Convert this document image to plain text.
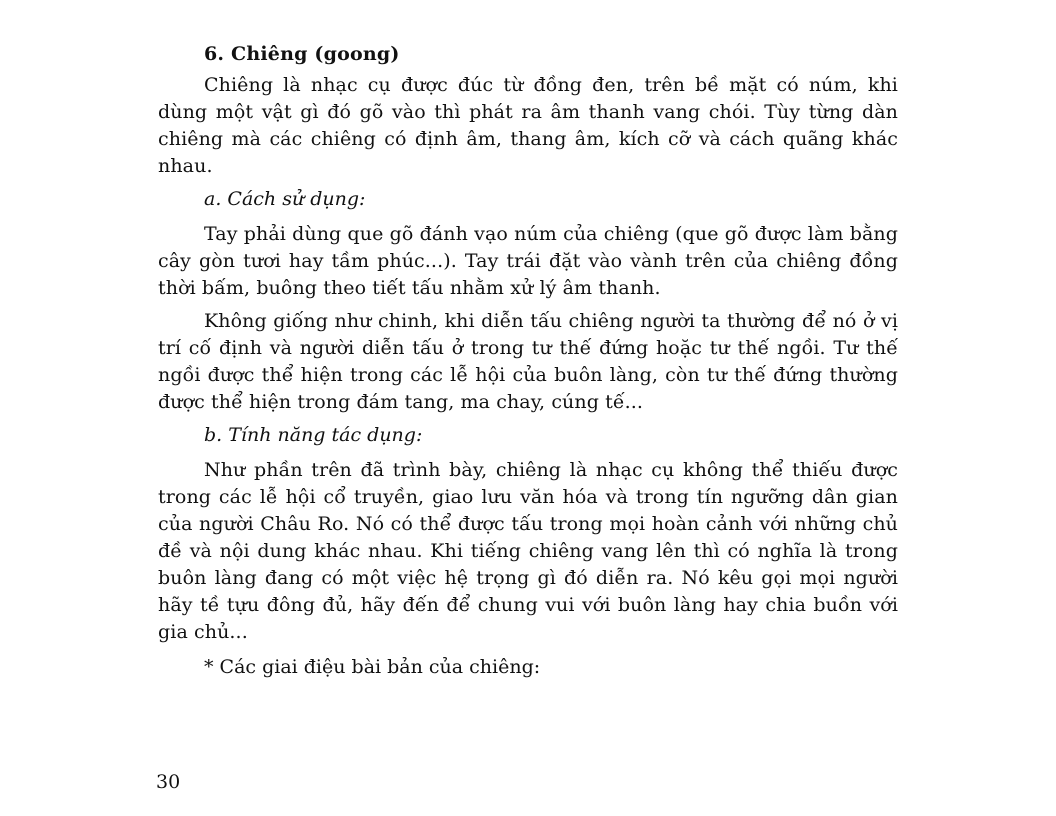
6. Chiêng (goong)

Chiêng là nhạc cụ được đúc từ đồng đen, trên bề mặt có núm, khi dùng một vật gì đó gõ vào thì phát ra âm thanh vang chói. Tùy từng dàn chiêng mà các chiêng có định âm, thang âm, kích cỡ và cách quãng khác nhau.

a. Cách sử dụng:

Tay phải dùng que gõ đánh vạo núm của chiêng (que gõ được làm bằng cây gòn tươi hay tầm phúc...). Tay trái đặt vào vành trên của chiêng đồng thời bấm, buông theo tiết tấu nhằm xử lý âm thanh.

Không giống như chinh, khi diễn tấu chiêng người ta thường để nó ở vị trí cố định và người diễn tấu ở trong tư thế đứng hoặc tư thế ngồi. Tư thế ngồi được thể hiện trong các lễ hội của buôn làng, còn tư thế đứng thường được thể hiện trong đám tang, ma chay, cúng tế...

b. Tính năng tác dụng:

Như phần trên đã trình bày, chiêng là nhạc cụ không thể thiếu được trong các lễ hội cổ truyền, giao lưu văn hóa và trong tín ngưỡng dân gian của người Châu Ro. Nó có thể được tấu trong mọi hoàn cảnh với những chủ đề và nội dung khác nhau. Khi tiếng chiêng vang lên thì có nghĩa là trong buôn làng đang có một việc hệ trọng gì đó diễn ra. Nó kêu gọi mọi người hãy tề tựu đông đủ, hãy đến để chung vui với buôn làng hay chia buồn với gia chủ...

* Các giai điệu bài bản của chiêng:
30
